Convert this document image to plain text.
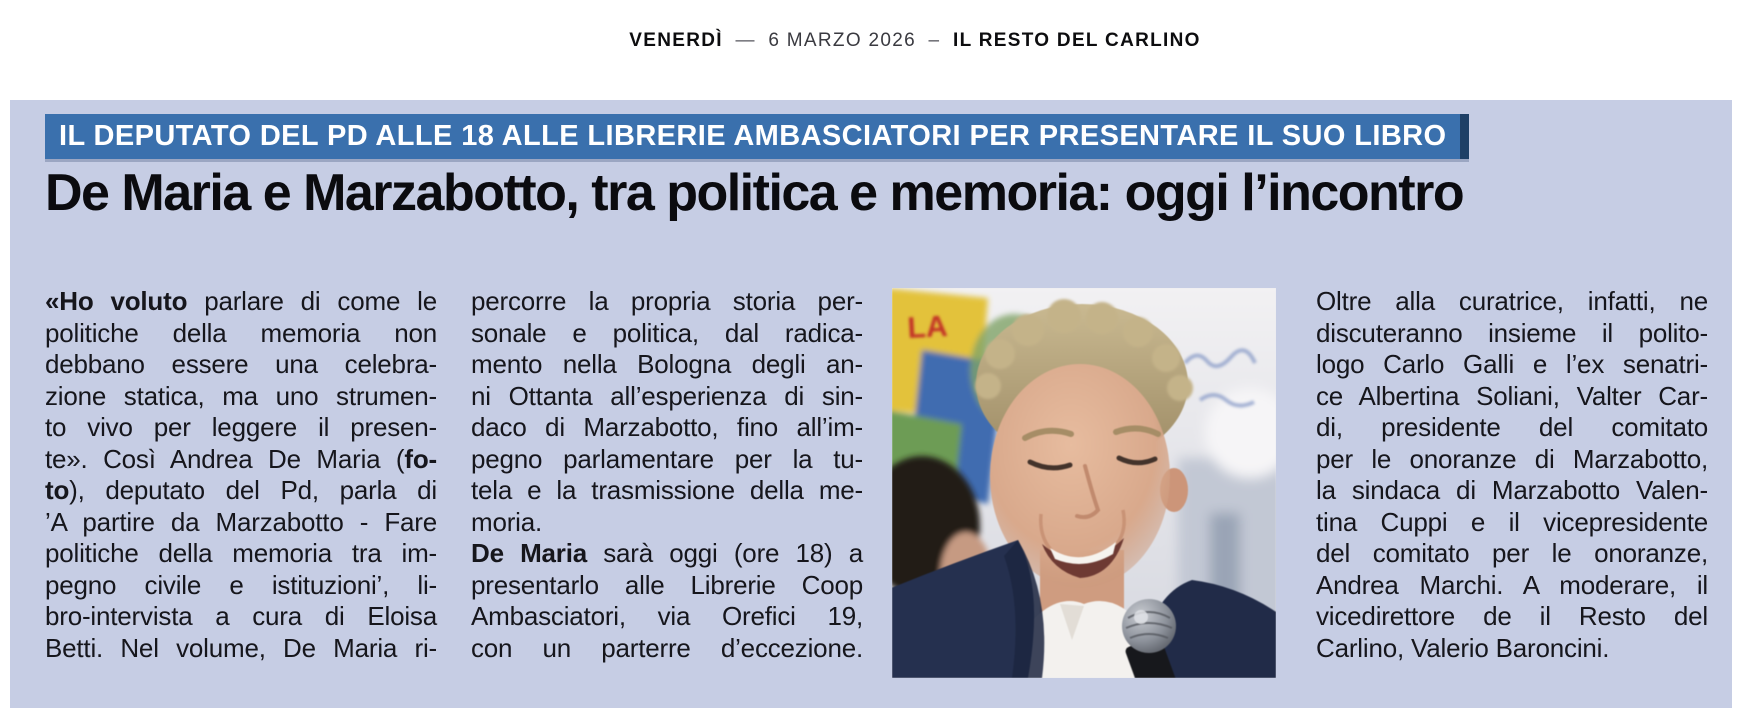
VENERDÌ — 6 MARZO 2026 – IL RESTO DEL CARLINO
IL DEPUTATO DEL PD ALLE 18 ALLE LIBRERIE AMBASCIATORI PER PRESENTARE IL SUO LIBRO
De Maria e Marzabotto, tra politica e memoria: oggi l’incontro
«Ho voluto parlare di come le
politiche della memoria non
debbano essere una celebra-
zione statica, ma uno strumen-
to vivo per leggere il presen-
te». Così Andrea De Maria (fo-
to), deputato del Pd, parla di
’A partire da Marzabotto - Fare
politiche della memoria tra im-
pegno civile e istituzioni’, li-
bro-intervista a cura di Eloisa
Betti. Nel volume, De Maria ri-
percorre la propria storia per-
sonale e politica, dal radica-
mento nella Bologna degli an-
ni Ottanta all’esperienza di sin-
daco di Marzabotto, fino all’im-
pegno parlamentare per la tu-
tela e la trasmissione della me-
moria.
De Maria sarà oggi (ore 18) a
presentarlo alle Librerie Coop
Ambasciatori, via Orefici 19,
con un parterre d’eccezione.
Oltre alla curatrice, infatti, ne
discuteranno insieme il polito-
logo Carlo Galli e l’ex senatri-
ce Albertina Soliani, Valter Car-
di, presidente del comitato
per le onoranze di Marzabotto,
la sindaca di Marzabotto Valen-
tina Cuppi e il vicepresidente
del comitato per le onoranze,
Andrea Marchi. A moderare, il
vicedirettore de il Resto del
Carlino, Valerio Baroncini.
LA
